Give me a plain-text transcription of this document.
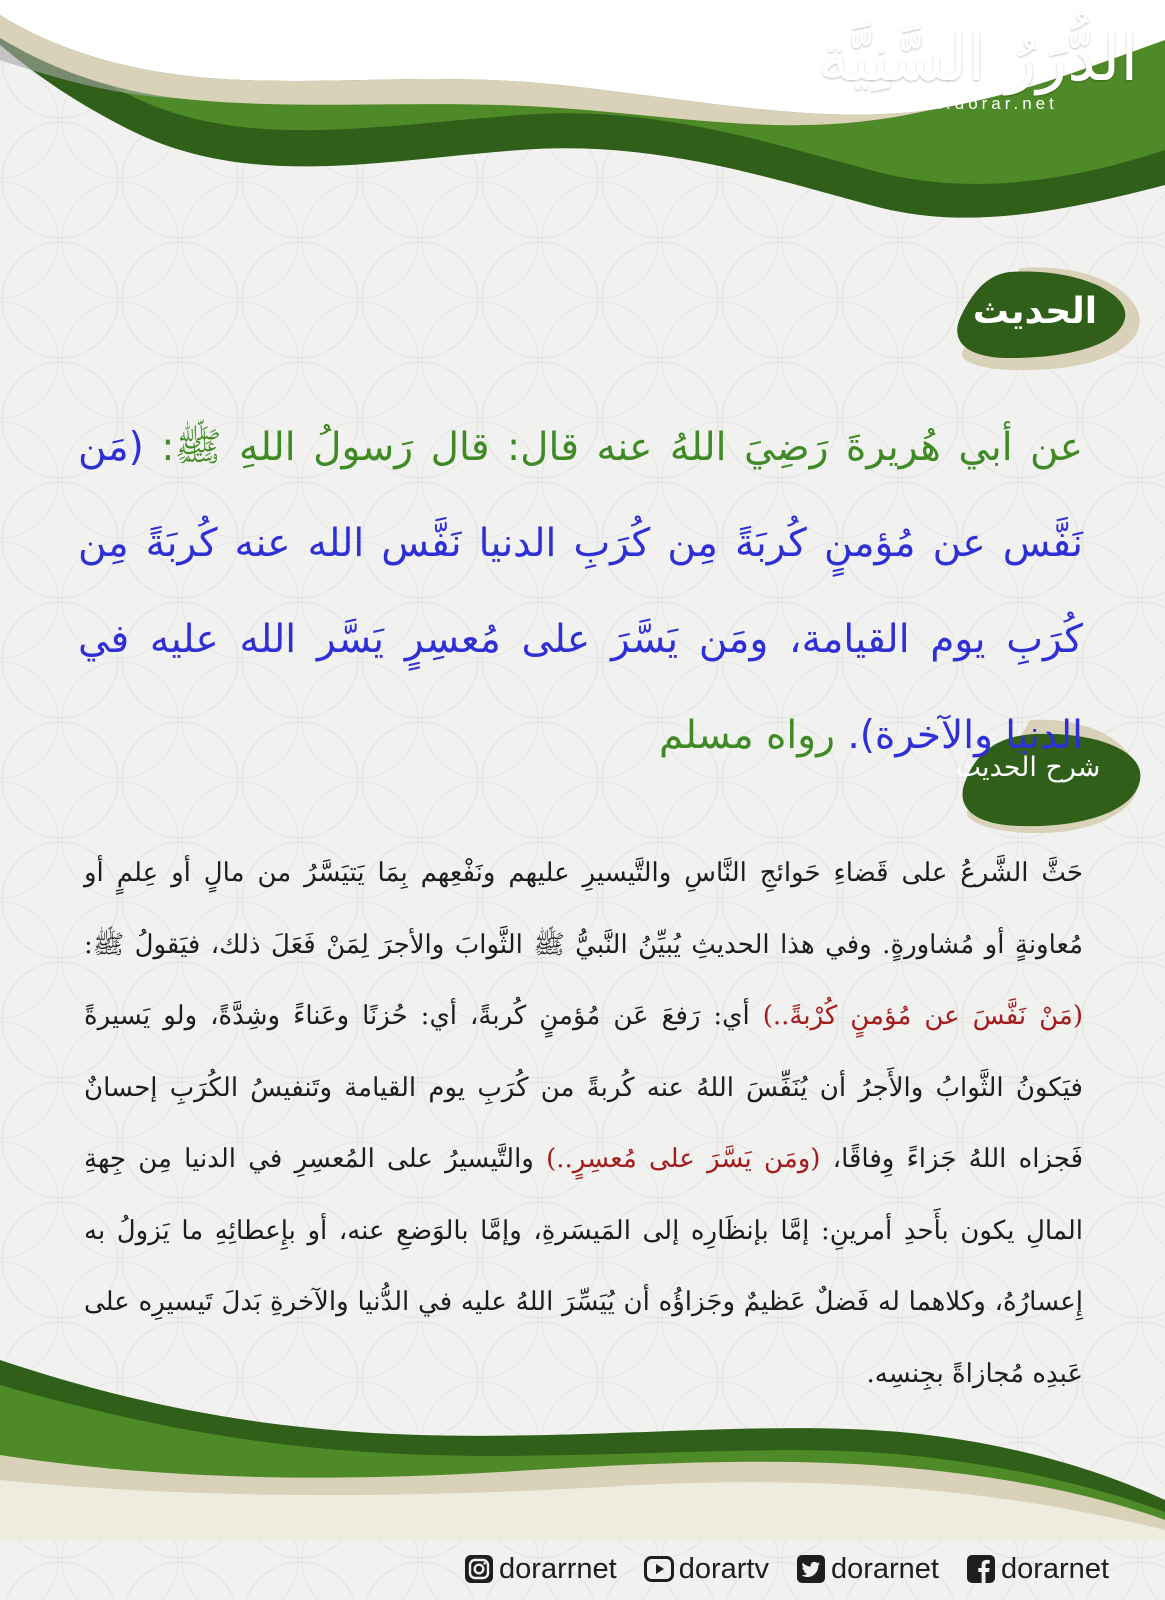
الدُّرَرُ السَّنِيَّة
www.dorar.net
الحديث
شرح الحديث
عن أبي هُريرةَ رَضِيَ اللهُ عنه قال: قال رَسولُ اللهِ ﷺ: (مَن نَفَّس عن مُؤمنٍ كُربَةً مِن كُرَبِ الدنيا نَفَّس الله عنه كُربَةً مِن كُرَبِ يوم القيامة، ومَن يَسَّرَ على مُعسِرٍ يَسَّر الله عليه في الدنيا والآخرة). رواه مسلم
حَثَّ الشَّرعُ على قَضاءِ حَوائجِ النَّاسِ والتَّيسيرِ عليهم ونَفْعِهم بِمَا يَتيَسَّرُ من مالٍ أو عِلمٍ أو مُعاونةٍ أو مُشاورةٍ. وفي هذا الحديثِ يُبيِّنُ النَّبيُّ ﷺ الثَّوابَ والأجرَ لِمَنْ فَعَلَ ذلك، فيَقولُ ﷺ: (مَنْ نَفَّسَ عن مُؤمنٍ كُرْبةً..) أي: رَفعَ عَن مُؤمنٍ كُربةً، أي: حُزنًا وعَناءً وشِدَّةً، ولو يَسيرةً فيَكونُ الثَّوابُ والأَجرُ أن يُنَفِّسَ اللهُ عنه كُربةً من كُرَبِ يوم القيامة وتَنفيسُ الكُرَبِ إحسانٌ فَجزاه اللهُ جَزاءً وِفاقًا، (ومَن يَسَّرَ على مُعسِرٍ..) والتَّيسيرُ على المُعسِرِ في الدنيا مِن جِهةِ المالِ يكون بأَحدِ أمرينِ: إمَّا بإنظَارِه إلى المَيسَرةِ، وإمَّا بالوَضعِ عنه، أو بإِعطائِهِ ما يَزولُ به إِعسارُهُ، وكلاهما له فَضلٌ عَظيمٌ وجَزاؤُه أن يُيَسِّرَ اللهُ عليه في الدُّنيا والآخرةِ بَدلَ تَيسيرِه على عَبدِه مُجازاةً بجِنسِه.
dorarnet
dorarnet
dorartv
dorarrnet
